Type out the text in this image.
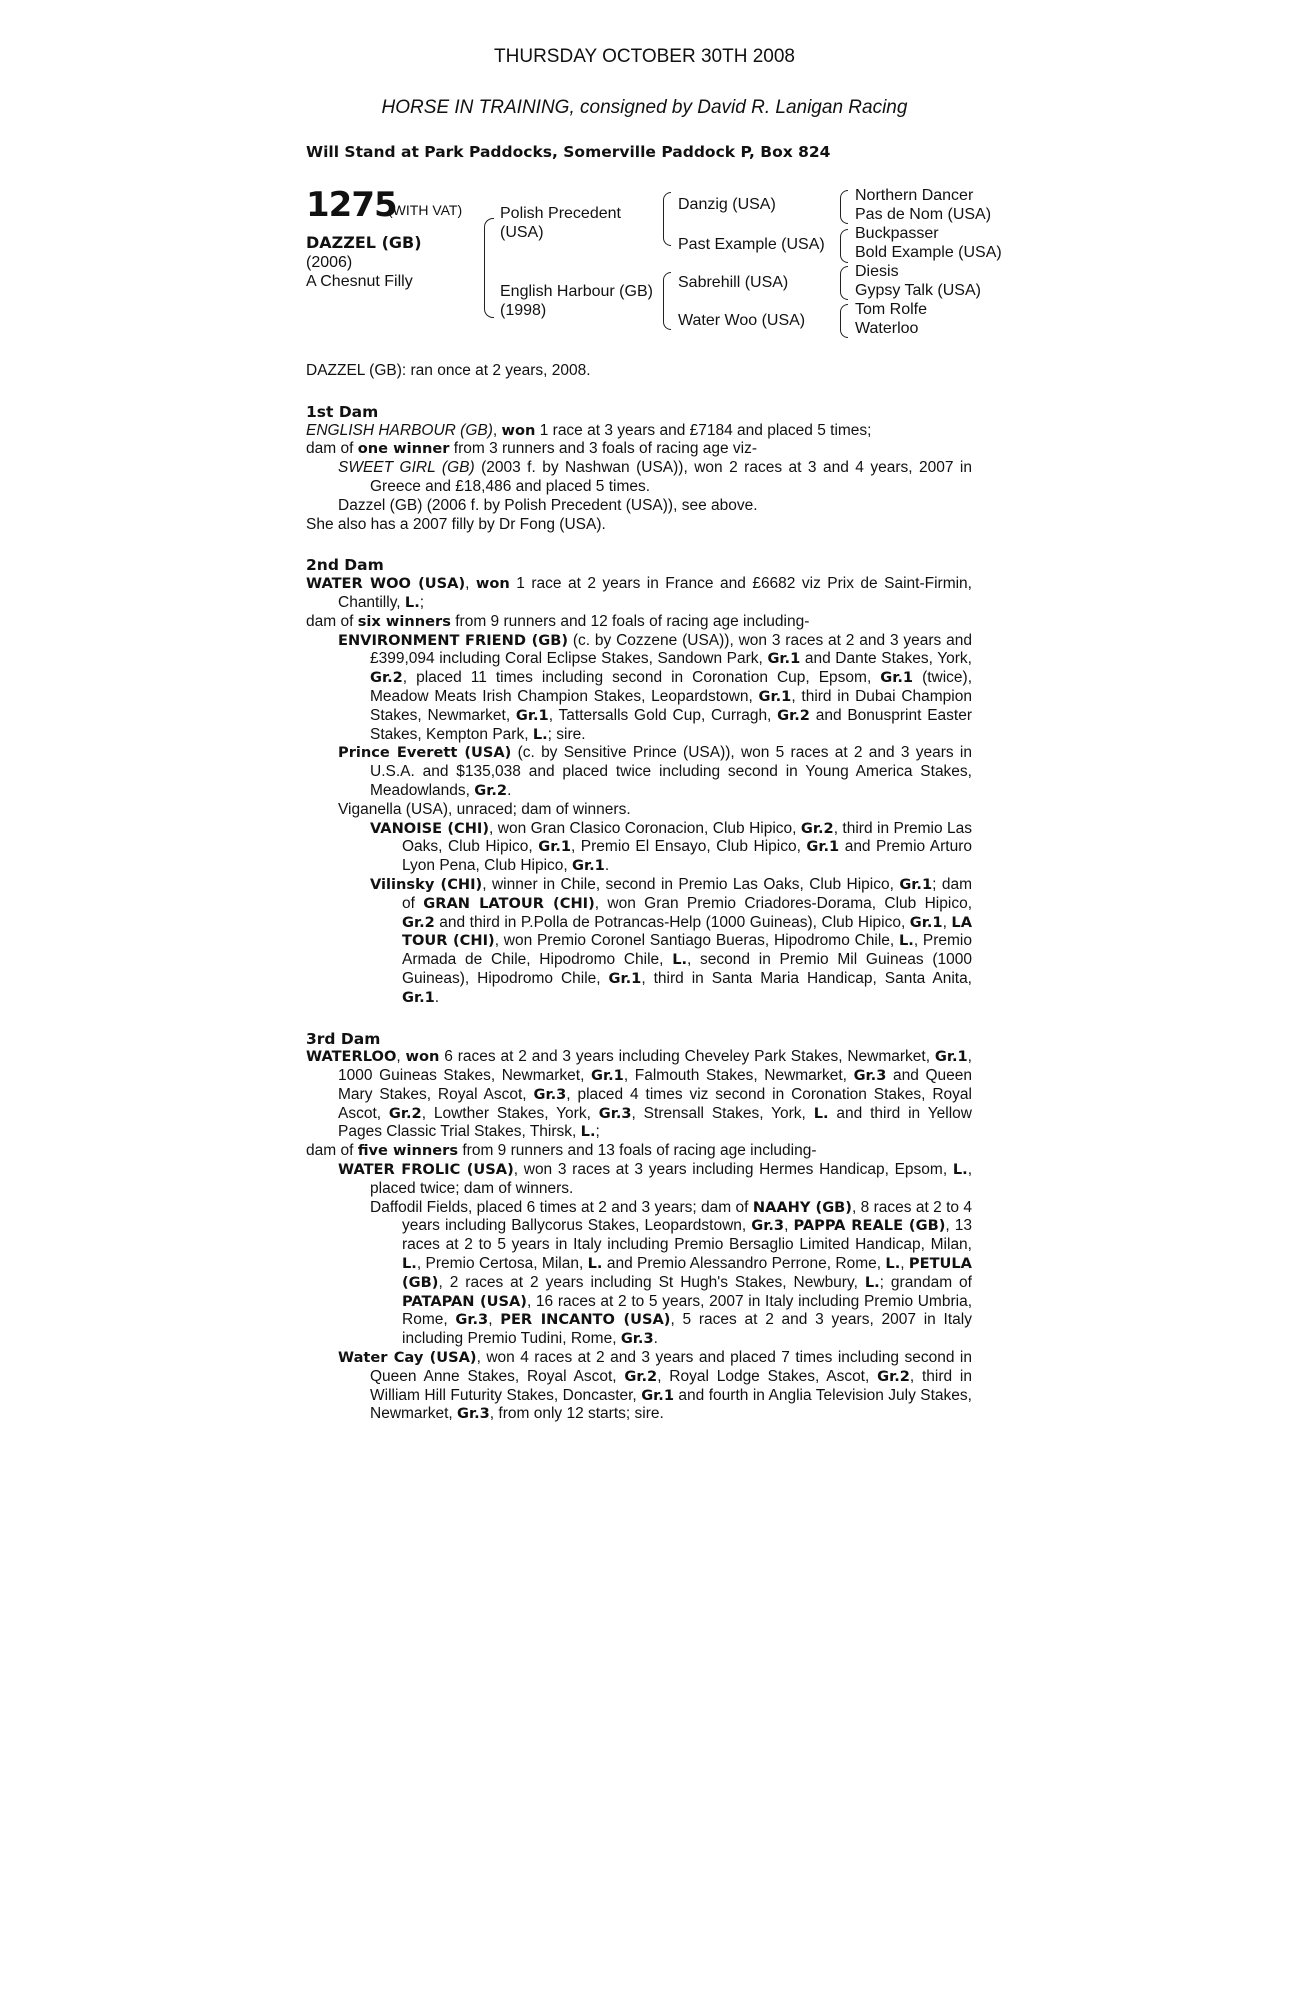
THURSDAY OCTOBER 30TH 2008
HORSE IN TRAINING, consigned by David R. Lanigan Racing
Will Stand at Park Paddocks, Somerville Paddock P, Box 824
1275
(WITH VAT)
DAZZEL (GB)
(2006)
A Chesnut Filly
Polish Precedent
(USA)
English Harbour (GB)
(1998)
Danzig (USA)
Past Example (USA)
Sabrehill (USA)
Water Woo (USA)
Northern Dancer
Pas de Nom (USA)
Buckpasser
Bold Example (USA)
Diesis
Gypsy Talk (USA)
Tom Rolfe
Waterloo

DAZZEL (GB): ran once at 2 years, 2008.

1st Dam

ENGLISH HARBOUR (GB), won 1 race at 3 years and £7184 and placed 5 times;

dam of one winner from 3 runners and 3 foals of racing age viz-

SWEET GIRL (GB) (2003 f. by Nashwan (USA)), won 2 races at 3 and 4 years, 2007 in Greece and £18,486 and placed 5 times.

Dazzel (GB) (2006 f. by Polish Precedent (USA)), see above.

She also has a 2007 filly by Dr Fong (USA).

2nd Dam

WATER WOO (USA), won 1 race at 2 years in France and £6682 viz Prix de Saint-Firmin, Chantilly, L.;

dam of six winners from 9 runners and 12 foals of racing age including-

ENVIRONMENT FRIEND (GB) (c. by Cozzene (USA)), won 3 races at 2 and 3 years and £399,094 including Coral Eclipse Stakes, Sandown Park, Gr.1 and Dante Stakes, York, Gr.2, placed 11 times including second in Coronation Cup, Epsom, Gr.1 (twice), Meadow Meats Irish Champion Stakes, Leopardstown, Gr.1, third in Dubai Champion Stakes, Newmarket, Gr.1, Tattersalls Gold Cup, Curragh, Gr.2 and Bonusprint Easter Stakes, Kempton Park, L.; sire.

Prince Everett (USA) (c. by Sensitive Prince (USA)), won 5 races at 2 and 3 years in U.S.A. and $135,038 and placed twice including second in Young America Stakes, Meadowlands, Gr.2.

Viganella (USA), unraced; dam of winners.

VANOISE (CHI), won Gran Clasico Coronacion, Club Hipico, Gr.2, third in Premio Las Oaks, Club Hipico, Gr.1, Premio El Ensayo, Club Hipico, Gr.1 and Premio Arturo Lyon Pena, Club Hipico, Gr.1.

Vilinsky (CHI), winner in Chile, second in Premio Las Oaks, Club Hipico, Gr.1; dam of GRAN LATOUR (CHI), won Gran Premio Criadores-Dorama, Club Hipico, Gr.2 and third in P.Polla de Potrancas-Help (1000 Guineas), Club Hipico, Gr.1, LA TOUR (CHI), won Premio Coronel Santiago Bueras, Hipodromo Chile, L., Premio Armada de Chile, Hipodromo Chile, L., second in Premio Mil Guineas (1000 Guineas), Hipodromo Chile, Gr.1, third in Santa Maria Handicap, Santa Anita, Gr.1.

3rd Dam

WATERLOO, won 6 races at 2 and 3 years including Cheveley Park Stakes, Newmarket, Gr.1, 1000 Guineas Stakes, Newmarket, Gr.1, Falmouth Stakes, Newmarket, Gr.3 and Queen Mary Stakes, Royal Ascot, Gr.3, placed 4 times viz second in Coronation Stakes, Royal Ascot, Gr.2, Lowther Stakes, York, Gr.3, Strensall Stakes, York, L. and third in Yellow Pages Classic Trial Stakes, Thirsk, L.;

dam of five winners from 9 runners and 13 foals of racing age including-

WATER FROLIC (USA), won 3 races at 3 years including Hermes Handicap, Epsom, L., placed twice; dam of winners.

Daffodil Fields, placed 6 times at 2 and 3 years; dam of NAAHY (GB), 8 races at 2 to 4 years including Ballycorus Stakes, Leopardstown, Gr.3, PAPPA REALE (GB), 13 races at 2 to 5 years in Italy including Premio Bersaglio Limited Handicap, Milan, L., Premio Certosa, Milan, L. and Premio Alessandro Perrone, Rome, L., PETULA (GB), 2 races at 2 years including St Hugh's Stakes, Newbury, L.; grandam of PATAPAN (USA), 16 races at 2 to 5 years, 2007 in Italy including Premio Umbria, Rome, Gr.3, PER INCANTO (USA), 5 races at 2 and 3 years, 2007 in Italy including Premio Tudini, Rome, Gr.3.

Water Cay (USA), won 4 races at 2 and 3 years and placed 7 times including second in Queen Anne Stakes, Royal Ascot, Gr.2, Royal Lodge Stakes, Ascot, Gr.2, third in William Hill Futurity Stakes, Doncaster, Gr.1 and fourth in Anglia Television July Stakes, Newmarket, Gr.3, from only 12 starts; sire.
